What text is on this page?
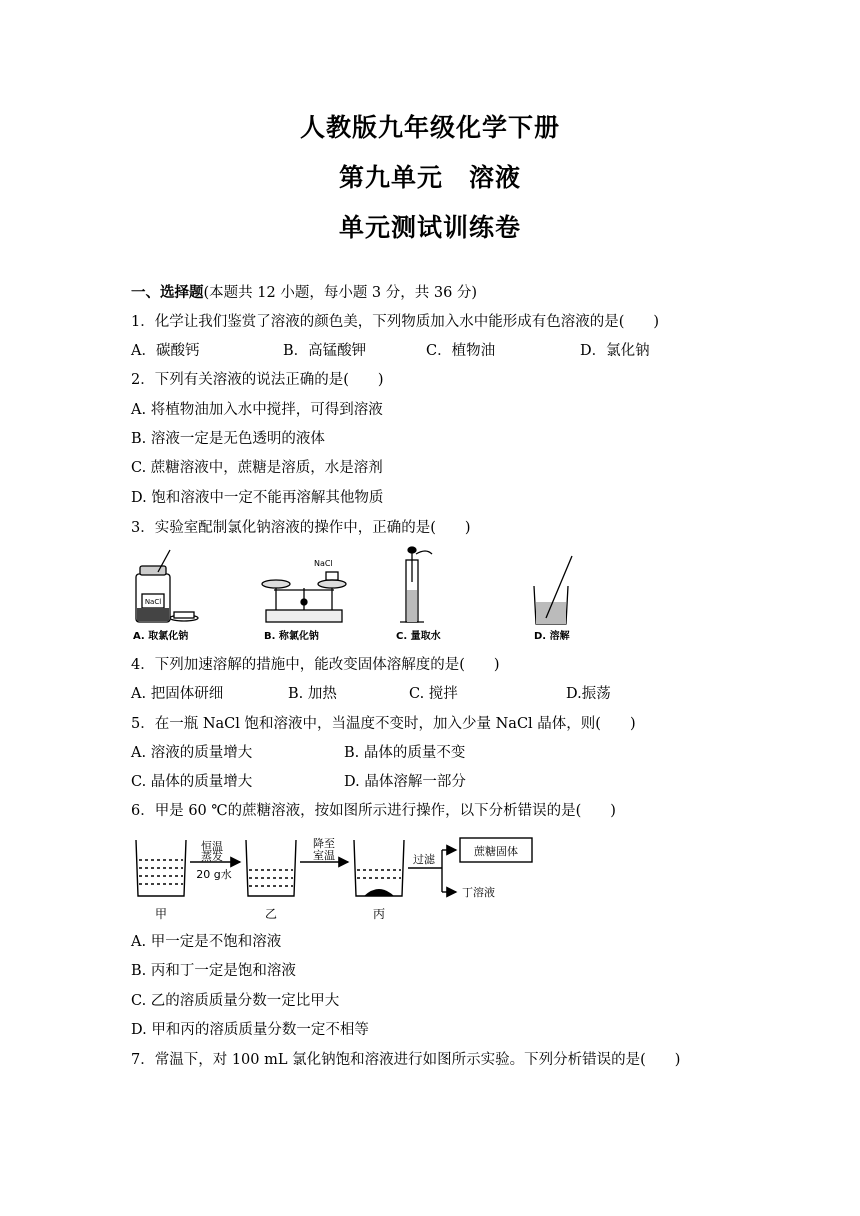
人教版九年级化学下册
第九单元　溶液
单元测试训练卷
一、选择题(本题共 12 小题，每小题 3 分，共 36 分)
1．化学让我们鉴赏了溶液的颜色美，下列物质加入水中能形成有色溶液的是(　　)
A．碳酸钙	B．高锰酸钾	C．植物油	D．氯化钠
2．下列有关溶液的说法正确的是(　　)
A. 将植物油加入水中搅拌，可得到溶液
B. 溶液一定是无色透明的液体
C. 蔗糖溶液中，蔗糖是溶质，水是溶剂
D. 饱和溶液中一定不能再溶解其他物质
3．实验室配制氯化钠溶液的操作中，正确的是(　　)
NaCl
A. 取氯化钠
NaCl
B. 称氯化钠	C. 量取水	D. 溶解
4．下列加速溶解的措施中，能改变固体溶解度的是(　　)
A. 把固体研细	B. 加热	C. 搅拌	D.振荡
5．在一瓶 NaCl 饱和溶液中，当温度不变时，加入少量 NaCl 晶体，则(　　)
A. 溶液的质量增大	B. 晶体的质量不变
C. 晶体的质量增大	D. 晶体溶解一部分
6．甲是 60 ℃的蔗糖溶液，按如图所示进行操作，以下分析错误的是(　　)
恒温
蒸发
20 g水
降至
室温	过滤
蔗糖固体
丁溶液
甲	乙	丙
A. 甲一定是不饱和溶液
B. 丙和丁一定是饱和溶液
C. 乙的溶质质量分数一定比甲大
D. 甲和丙的溶质质量分数一定不相等
7．常温下，对 100 mL 氯化钠饱和溶液进行如图所示实验。下列分析错误的是(　　)
